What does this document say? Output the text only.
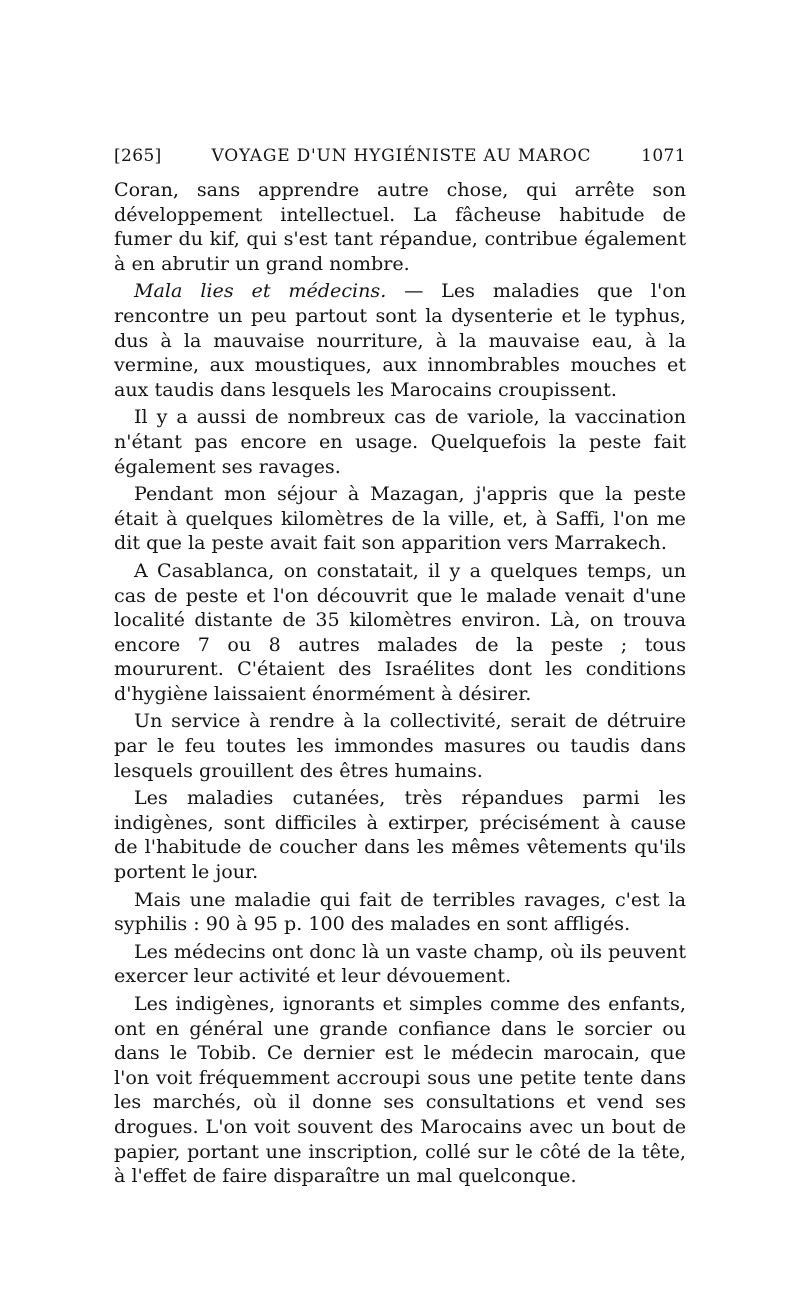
[265]	VOYAGE D'UN HYGIÉNISTE AU MAROC	1071

Coran, sans apprendre autre chose, qui arrête son développement intellectuel. La fâcheuse habitude de fumer du kif, qui s'est tant répandue, contribue également à en abrutir un grand nombre.

Mala lies et médecins. — Les maladies que l'on rencontre un peu partout sont la dysenterie et le typhus, dus à la mauvaise nourriture, à la mauvaise eau, à la vermine, aux moustiques, aux innombrables mouches et aux taudis dans lesquels les Marocains croupissent.

Il y a aussi de nombreux cas de variole, la vaccination n'étant pas encore en usage. Quelquefois la peste fait également ses ravages.

Pendant mon séjour à Mazagan, j'appris que la peste était à quelques kilomètres de la ville, et, à Saffi, l'on me dit que la peste avait fait son apparition vers Marrakech.

A Casablanca, on constatait, il y a quelques temps, un cas de peste et l'on découvrit que le malade venait d'une localité distante de 35 kilomètres environ. Là, on trouva encore 7 ou 8 autres malades de la peste ; tous moururent. C'étaient des Israélites dont les conditions d'hygiène laissaient énormément à désirer.

Un service à rendre à la collectivité, serait de détruire par le feu toutes les immondes masures ou taudis dans lesquels grouillent des êtres humains.

Les maladies cutanées, très répandues parmi les indigènes, sont difficiles à extirper, précisément à cause de l'habitude de coucher dans les mêmes vêtements qu'ils portent le jour.

Mais une maladie qui fait de terribles ravages, c'est la syphilis : 90 à 95 p. 100 des malades en sont affligés.

Les médecins ont donc là un vaste champ, où ils peuvent exercer leur activité et leur dévouement.

Les indigènes, ignorants et simples comme des enfants, ont en général une grande confiance dans le sorcier ou dans le Tobib. Ce dernier est le médecin marocain, que l'on voit fréquemment accroupi sous une petite tente dans les marchés, où il donne ses consultations et vend ses drogues. L'on voit souvent des Marocains avec un bout de papier, portant une inscription, collé sur le côté de la tête, à l'effet de faire disparaître un mal quelconque.
